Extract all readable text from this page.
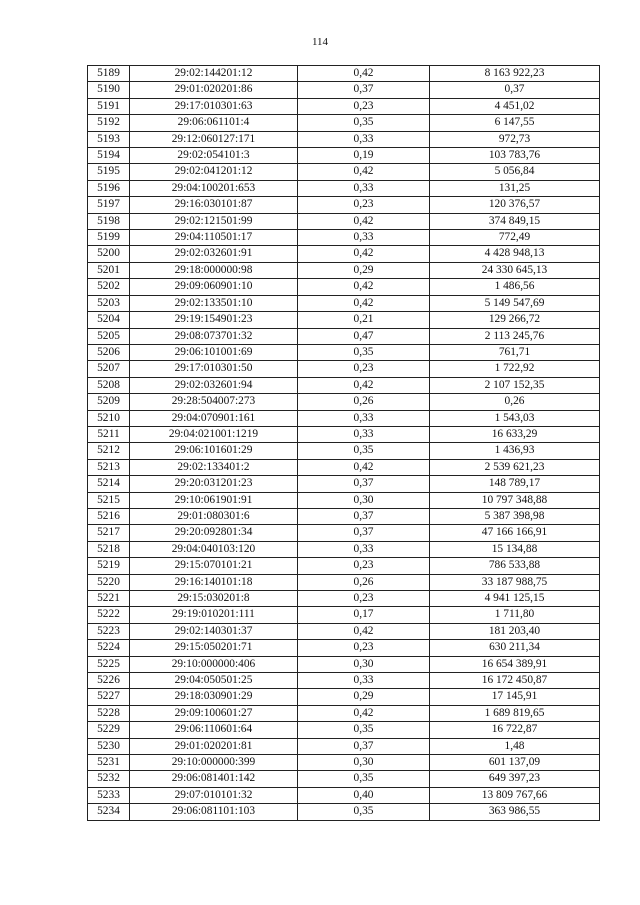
114
5189	29:02:144201:12	0,42	8 163 922,23
5190	29:01:020201:86	0,37	0,37
5191	29:17:010301:63	0,23	4 451,02
5192	29:06:061101:4	0,35	6 147,55
5193	29:12:060127:171	0,33	972,73
5194	29:02:054101:3	0,19	103 783,76
5195	29:02:041201:12	0,42	5 056,84
5196	29:04:100201:653	0,33	131,25
5197	29:16:030101:87	0,23	120 376,57
5198	29:02:121501:99	0,42	374 849,15
5199	29:04:110501:17	0,33	772,49
5200	29:02:032601:91	0,42	4 428 948,13
5201	29:18:000000:98	0,29	24 330 645,13
5202	29:09:060901:10	0,42	1 486,56
5203	29:02:133501:10	0,42	5 149 547,69
5204	29:19:154901:23	0,21	129 266,72
5205	29:08:073701:32	0,47	2 113 245,76
5206	29:06:101001:69	0,35	761,71
5207	29:17:010301:50	0,23	1 722,92
5208	29:02:032601:94	0,42	2 107 152,35
5209	29:28:504007:273	0,26	0,26
5210	29:04:070901:161	0,33	1 543,03
5211	29:04:021001:1219	0,33	16 633,29
5212	29:06:101601:29	0,35	1 436,93
5213	29:02:133401:2	0,42	2 539 621,23
5214	29:20:031201:23	0,37	148 789,17
5215	29:10:061901:91	0,30	10 797 348,88
5216	29:01:080301:6	0,37	5 387 398,98
5217	29:20:092801:34	0,37	47 166 166,91
5218	29:04:040103:120	0,33	15 134,88
5219	29:15:070101:21	0,23	786 533,88
5220	29:16:140101:18	0,26	33 187 988,75
5221	29:15:030201:8	0,23	4 941 125,15
5222	29:19:010201:111	0,17	1 711,80
5223	29:02:140301:37	0,42	181 203,40
5224	29:15:050201:71	0,23	630 211,34
5225	29:10:000000:406	0,30	16 654 389,91
5226	29:04:050501:25	0,33	16 172 450,87
5227	29:18:030901:29	0,29	17 145,91
5228	29:09:100601:27	0,42	1 689 819,65
5229	29:06:110601:64	0,35	16 722,87
5230	29:01:020201:81	0,37	1,48
5231	29:10:000000:399	0,30	601 137,09
5232	29:06:081401:142	0,35	649 397,23
5233	29:07:010101:32	0,40	13 809 767,66
5234	29:06:081101:103	0,35	363 986,55
